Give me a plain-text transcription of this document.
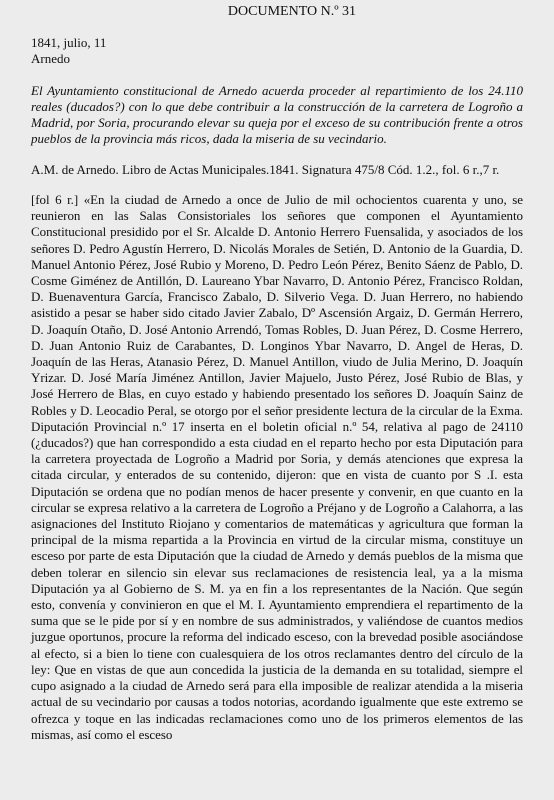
DOCUMENTO N.º 31
1841, julio, 11
Arnedo

El Ayuntamiento constitucional de Arnedo acuerda proceder al repartimiento de los 24.110 reales (ducados?) con lo que debe contribuir a la construcción de la carretera de Logroño a Madrid, por Soria, procurando elevar su queja por el exceso de su contribución frente a otros pueblos de la provincia más ricos, dada la miseria de su vecindario.

A.M. de Arnedo. Libro de Actas Municipales.1841. Signatura 475/8 Cód. 1.2., fol. 6 r.,7 r.

[fol 6 r.] «En la ciudad de Arnedo a once de Julio de mil ochocientos cuarenta y uno, se reunieron en las Salas Consistoriales los señores que componen el Ayuntamiento Constitucional presidido por el Sr. Alcalde D. Antonio Herrero Fuensalida, y asociados de los señores D. Pedro Agustín Herrero, D. Nicolás Morales de Setién, D. Antonio de la Guardia, D. Manuel Antonio Pérez, José Rubio y Moreno, D. Pedro León Pérez, Benito Sáenz de Pablo, D. Cosme Giménez de Antillón, D. Laureano Ybar Navarro, D. Antonio Pérez, Francisco Roldan, D. Buenaventura García, Francisco Zabalo, D. Silverio Vega. D. Juan Herrero, no habiendo asistido a pesar se haber sido citado Javier Zabalo, Dº Ascensión Argaiz, D. Germán Herrero, D. Joaquín Otaño, D. José Antonio Arrendó, Tomas Robles, D. Juan Pérez, D. Cosme Herrero, D. Juan Antonio Ruiz de Carabantes, D. Longinos Ybar Navarro, D. Angel de Heras, D. Joaquín de las Heras, Atanasio Pérez, D. Manuel Antillon, viudo de Julia Merino, D. Joaquín Yrizar. D. José María Jiménez Antillon, Javier Majuelo, Justo Pérez, José Rubio de Blas, y José Herrero de Blas, en cuyo estado y habiendo presentado los señores D. Joaquín Sainz de Robles y D. Leocadio Peral, se otorgo por el señor presidente lectura de la circular de la Exma. Diputación Provincial n.º 17 inserta en el boletin oficial n.º 54, relativa al pago de 24110 (¿ducados?) que han correspondido a esta ciudad en el reparto hecho por esta Diputación para la carretera proyectada de Logroño a Madrid por Soria, y demás atenciones que expresa la citada circular, y enterados de su contenido, dijeron: que en vista de cuanto por S .I. esta Diputación se ordena que no podían menos de hacer presente y convenir, en que cuanto en la circular se expresa relativo a la carretera de Logroño a Préjano y de Logroño a Calahorra, a las asignaciones del Instituto Riojano y comentarios de matemáticas y agricultura que forman la principal de la misma repartida a la Provincia en virtud de la circular misma, constituye un esceso por parte de esta Diputación que la ciudad de Arnedo y demás pueblos de la misma que deben tolerar en silencio sin elevar sus reclamaciones de resistencia leal, ya a la misma Diputación ya al Gobierno de S. M. ya en fin a los representantes de la Nación. Que según esto, convenía y convinieron en que el M. I. Ayuntamiento emprendiera el repartimento de la suma que se le pide por sí y en nombre de sus administrados, y valiéndose de cuantos medios juzgue oportunos, procure la reforma del indicado esceso, con la brevedad posible asociándose al efecto, si a bien lo tiene con cualesquiera de los otros reclamantes dentro del círculo de la ley: Que en vistas de que aun concedida la justicia de la demanda en su totalidad, siempre el cupo asignado a la ciudad de Arnedo será para ella imposible de realizar atendida a la miseria actual de su vecindario por causas a todos notorias, acordando igualmente que este extremo se ofrezca y toque en las indicadas reclamaciones como uno de los primeros elementos de las mismas, así como el esceso
